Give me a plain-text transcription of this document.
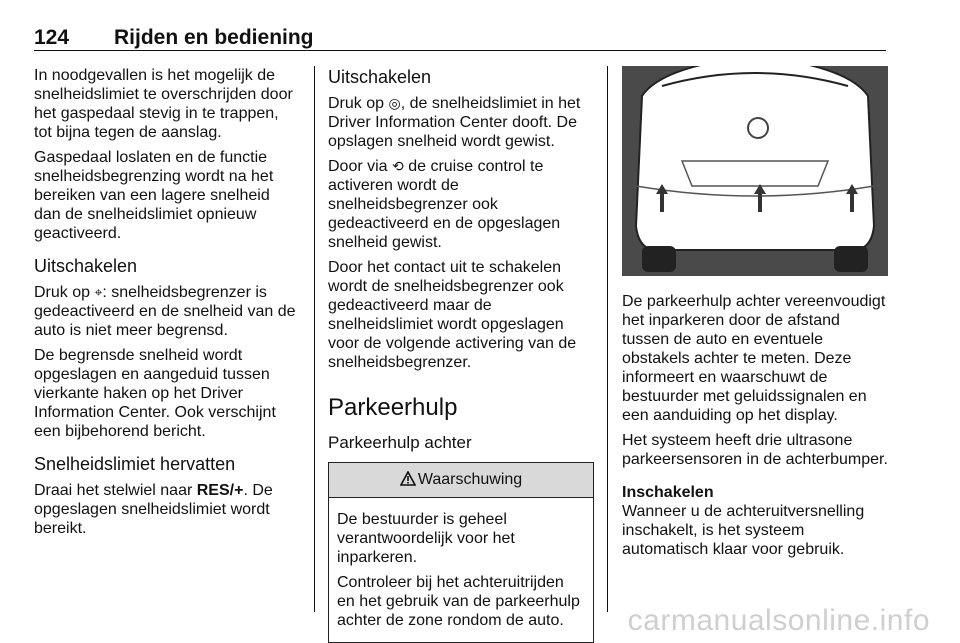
124 Rijden en bediening

In noodgevallen is het mogelijk de snelheidslimiet te overschrijden door het gaspedaal stevig in te trappen, tot bijna tegen de aanslag.

Gaspedaal loslaten en de functie snelheidsbegrenzing wordt na het bereiken van een lagere snelheid dan de snelheidslimiet opnieuw geactiveerd.

Uitschakelen

Druk op ⌖: snelheidsbegrenzer is gedeactiveerd en de snelheid van de auto is niet meer begrensd.

De begrensde snelheid wordt opgeslagen en aangeduid tussen vierkante haken op het Driver Information Center. Ook verschijnt een bijbehorend bericht.

Snelheidslimiet hervatten

Draai het stelwiel naar RES/+. De opgeslagen snelheidslimiet wordt bereikt.

Uitschakelen

Druk op ◎, de snelheidslimiet in het Driver Information Center dooft. De opslagen snelheid wordt gewist.

Door via ⟲ de cruise control te activeren wordt de snelheidsbegrenzer ook gedeactiveerd en de opgeslagen snelheid gewist.

Door het contact uit te schakelen wordt de snelheidsbegrenzer ook gedeactiveerd maar de snelheidslimiet wordt opgeslagen voor de volgende activering van de snelheidsbegrenzer.

Parkeerhulp
Parkeerhulp achter
Waarschuwing

De bestuurder is geheel verantwoordelijk voor het inparkeren.

Controleer bij het achteruitrijden en het gebruik van de parkeerhulp achter de zone rondom de auto.

De parkeerhulp achter vereenvoudigt het inparkeren door de afstand tussen de auto en eventuele obstakels achter te meten. Deze informeert en waarschuwt de bestuurder met geluidssignalen en een aanduiding op het display.

Het systeem heeft drie ultrasone parkeersensoren in de achterbumper.

Inschakelen

Wanneer u de achteruitversnelling inschakelt, is het systeem automatisch klaar voor gebruik.

carmanualsonline.info
